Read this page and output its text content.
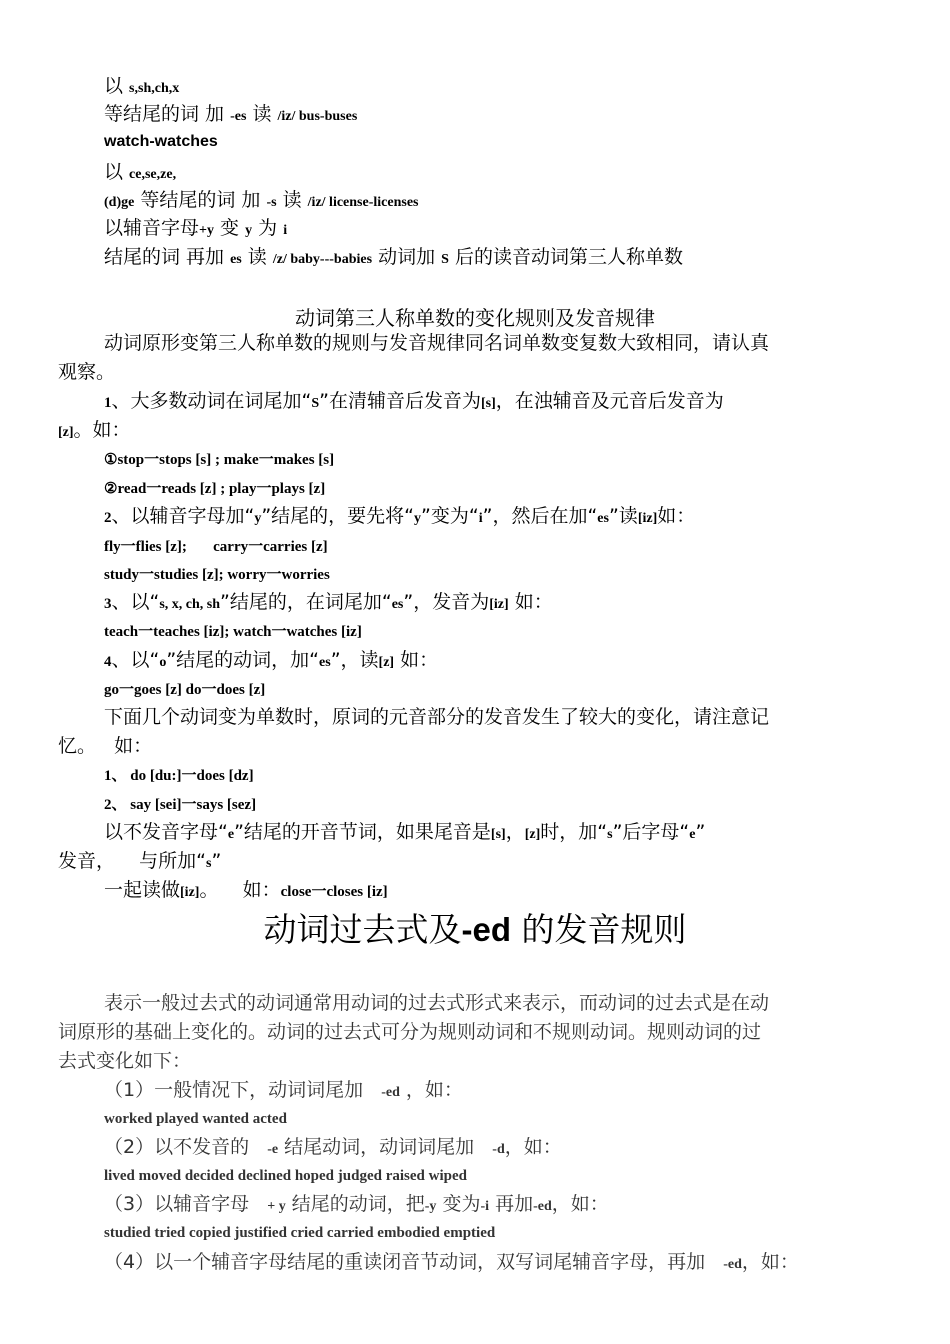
以 s,sh,ch,x
等结尾的词 加 -es 读 /iz/ bus-buses
watch-watches
以 ce,se,ze,
(d)ge 等结尾的词 加 -s 读 /iz/ license-licenses
以辅音字母+y 变 y 为 i
结尾的词 再加 es 读 /z/ baby---babies 动词加 S 后的读音动词第三人称单数
动词第三人称单数的变化规则及发音规律
动词原形变第三人称单数的规则与发音规律同名词单数变复数大致相同，请认真
观察。
1、大多数动词在词尾加“S”在清辅音后发音为[s]，在浊辅音及元音后发音为
[z]。如：
①stop一stops [s] ; make一makes [s]
②read一reads [z] ; play一plays [z]
2、以辅音字母加“y”结尾的，要先将“y”变为“i”，然后在加“es”读[iz]如：
fly一flies [z];       carry一carries [z]
study一studies [z]; worry一worries
3、以“s, x, ch, sh”结尾的，在词尾加“es”，发音为[iz] 如：
teach一teaches [iz]; watch一watches [iz]
4、以“o”结尾的动词，加“es”，读[z] 如：
go一goes [z] do一does [z]
下面几个动词变为单数时，原词的元音部分的发音发生了较大的变化，请注意记
忆。   如：
1、 do [du:]一does [dz]
2、 say [sei]一says [sez]
以不发音字母“e”结尾的开音节词，如果尾音是[s]，[z]时，加“s”后字母“e”
发音，    与所加“s”
一起读做[iz]。    如：close一closes [iz]
动词过去式及-ed 的发音规则
表示一般过去式的动词通常用动词的过去式形式来表示，而动词的过去式是在动
词原形的基础上变化的。动词的过去式可分为规则动词和不规则动词。规则动词的过
去式变化如下：
（1）一般情况下，动词词尾加   -ed ，如：
worked played wanted acted
（2）以不发音的   -e 结尾动词，动词词尾加   -d，如：
lived moved decided declined hoped judged raised wiped
（3）以辅音字母   + y 结尾的动词，把-y 变为-i 再加-ed，如：
studied tried copied justified cried carried embodied emptied
（4）以一个辅音字母结尾的重读闭音节动词，双写词尾辅音字母，再加   -ed，如：
